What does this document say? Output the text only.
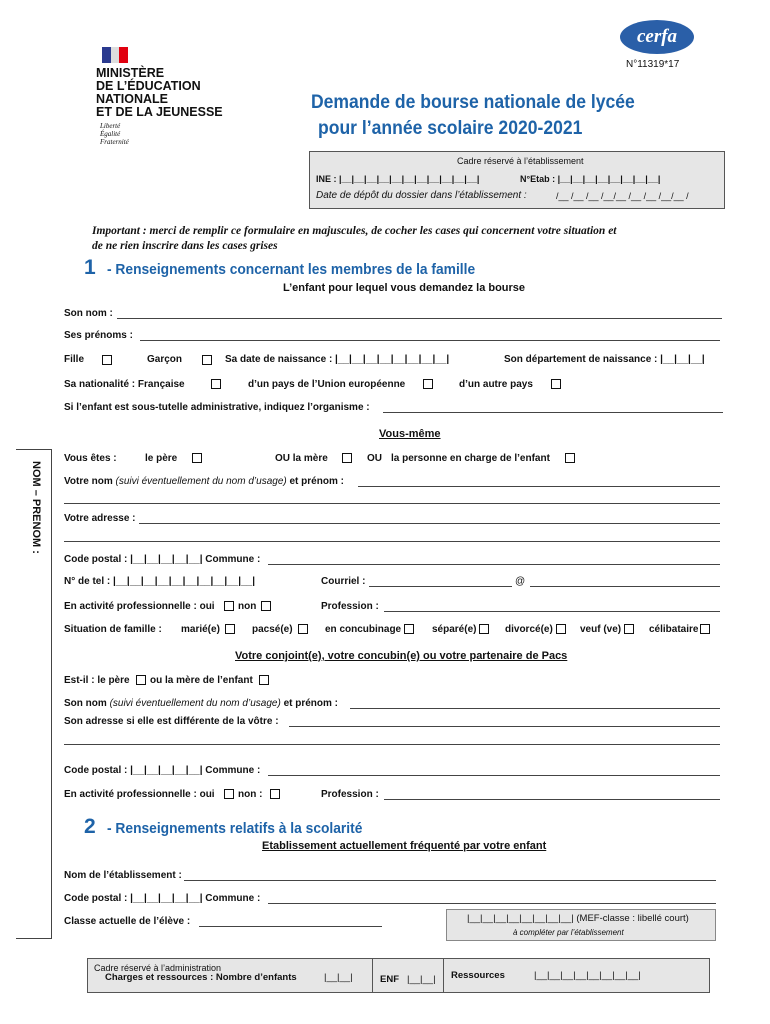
MINISTÈRE
DE L’ÉDUCATION
NATIONALE
ET DE LA JEUNESSE
Liberté
Égalité
Fraternité
cerfa
N°11319*17
Demande de bourse nationale de lycée
pour l’année scolaire 2020-2021
Cadre réservé à l’établissement
INE : |__|__|__|__|__|__|__|__|__|__|__|	N°Etab : |__|__|__|__|__|__|__|__|
Date de dépôt du dossier dans l’établissement :	/__ /__ /__ /__/__ /__ /__ /__/__ /
Important : merci de remplir ce formulaire en majuscules, de cocher les cases qui concernent votre situation et
de ne rien inscrire dans les cases grises
1 - Renseignements concernant les membres de la famille
L’enfant pour lequel vous demandez la bourse
Son nom :
Ses prénoms :
Fille	Garçon	Sa date de naissance : |__|__|__|__|__|__|__|__|	Son département de naissance : |__|__|__|
Sa nationalité : Française	d’un pays de l’Union européenne	d’un autre pays
Si l’enfant est sous-tutelle administrative, indiquez l’organisme :
NOM – PRENOM :
Vous-même
Vous êtes :	le père	OU la mère	OU la personne en charge de l’enfant
Votre nom (suivi éventuellement du nom d’usage) et prénom :
Votre adresse :
Code postal : |__|__|__|__|__| Commune :
N° de tel : |__|__|__|__|__|__|__|__|__|__|	Courriel :	@
En activité professionnelle : oui non	Profession :
Situation de famille : marié(e)	pacsé(e)	en concubinage	séparé(e)	divorcé(e)	veuf (ve)	célibataire
Votre conjoint(e), votre concubin(e) ou votre partenaire de Pacs
Est-il : le père ou la mère de l’enfant
Son nom (suivi éventuellement du nom d’usage) et prénom :
Son adresse si elle est différente de la vôtre :
Code postal : |__|__|__|__|__| Commune :
En activité professionnelle : oui non :	Profession :
2 - Renseignements relatifs à la scolarité
Etablissement actuellement fréquenté par votre enfant
Nom de l’établissement :
Code postal : |__|__|__|__|__| Commune :
Classe actuelle de l’élève :	|__|__|__|__|__|__|__|__| (MEF-classe : libellé court)
à compléter par l’établissement
Cadre réservé à l’administration
Charges et ressources : Nombre d’enfants	|__|__|	ENF |__|__| Ressources	|__|__|__|__|__|__|__|__|
